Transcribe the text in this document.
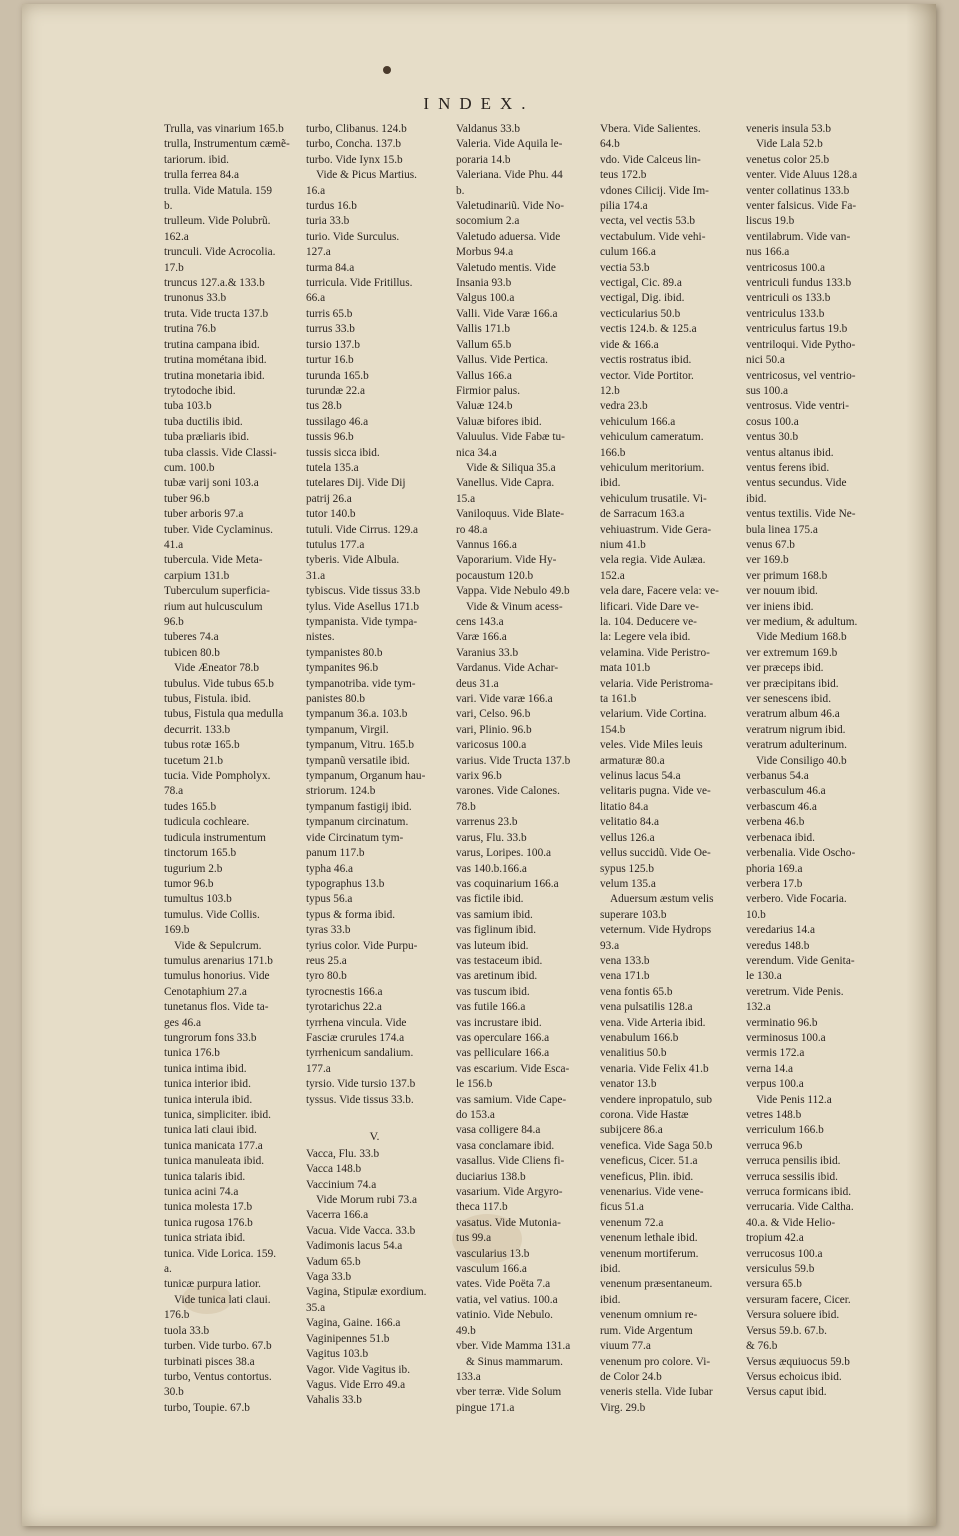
INDEX.
Trulla, vas vinarium 165.b
trulla, Instrumentum cæmẽ-
tariorum. ibid.
trulla ferrea 84.a
trulla. Vide Matula. 159
b.
trulleum. Vide Polubrũ.
162.a
trunculi. Vide Acrocolia.
17.b
truncus 127.a.& 133.b
trunonus 33.b
truta. Vide tructa 137.b
trutina 76.b
trutina campana ibid.
trutina mométana ibid.
trutina monetaria ibid.
trytodoche ibid.
tuba 103.b
tuba ductilis ibid.
tuba præliaris ibid.
tuba classis. Vide Classi-
cum. 100.b
tubæ varij soni 103.a
tuber 96.b
tuber arboris 97.a
tuber. Vide Cyclaminus.
41.a
tubercula. Vide Meta-
carpium 131.b
Tuberculum superficia-
rium aut hulcusculum
96.b
tuberes 74.a
tubicen 80.b
Vide Æneator 78.b
tubulus. Vide tubus 65.b
tubus, Fistula. ibid.
tubus, Fistula qua medulla
decurrit. 133.b
tubus rotæ 165.b
tucetum 21.b
tucia. Vide Pompholyx.
78.a
tudes 165.b
tudicula cochleare.
tudicula instrumentum
tinctorum 165.b
tugurium 2.b
tumor 96.b
tumultus 103.b
tumulus. Vide Collis.
169.b
Vide & Sepulcrum.
tumulus arenarius 171.b
tumulus honorius. Vide
Cenotaphium 27.a
tunetanus flos. Vide ta-
ges 46.a
tungrorum fons 33.b
tunica 176.b
tunica intima ibid.
tunica interior ibid.
tunica interula ibid.
tunica, simpliciter. ibid.
tunica lati claui ibid.
tunica manicata 177.a
tunica manuleata ibid.
tunica talaris ibid.
tunica acini 74.a
tunica molesta 17.b
tunica rugosa 176.b
tunica striata ibid.
tunica. Vide Lorica. 159.
a.
tunicæ purpura latior.
Vide tunica lati claui.
176.b
tuola 33.b
turben. Vide turbo. 67.b
turbinati pisces 38.a
turbo, Ventus contortus.
30.b
turbo, Toupie. 67.b
turbo, Clibanus. 124.b
turbo, Concha. 137.b
turbo. Vide Iynx 15.b
Vide & Picus Martius.
16.a
turdus 16.b
turia 33.b
turio. Vide Surculus.
127.a
turma 84.a
turricula. Vide Fritillus.
66.a
turris 65.b
turrus 33.b
tursio 137.b
turtur 16.b
turunda 165.b
turundæ 22.a
tus 28.b
tussilago 46.a
tussis 96.b
tussis sicca ibid.
tutela 135.a
tutelares Dij. Vide Dij
patrij 26.a
tutor 140.b
tutuli. Vide Cirrus. 129.a
tutulus 177.a
tyberis. Vide Albula.
31.a
tybiscus. Vide tissus 33.b
tylus. Vide Asellus 171.b
tympanista. Vide tympa-
nistes.
tympanistes 80.b
tympanites 96.b
tympanotriba. vide tym-
panistes 80.b
tympanum 36.a. 103.b
tympanum, Virgil.
tympanum, Vitru. 165.b
tympanũ versatile ibid.
tympanum, Organum hau-
striorum. 124.b
tympanum fastigij ibid.
tympanum circinatum.
vide Circinatum tym-
panum 117.b
typha 46.a
typographus 13.b
typus 56.a
typus & forma ibid.
tyras 33.b
tyrius color. Vide Purpu-
reus 25.a
tyro 80.b
tyrocnestis 166.a
tyrotarichus 22.a
tyrrhena vincula. Vide
Fasciæ crurules 174.a
tyrrhenicum sandalium.
177.a
tyrsio. Vide tursio 137.b
tyssus. Vide tissus 33.b.

V.
Vacca, Flu. 33.b
Vacca 148.b
Vaccinium 74.a
Vide Morum rubi 73.a
Vacerra 166.a
Vacua. Vide Vacca. 33.b
Vadimonis lacus 54.a
Vadum 65.b
Vaga 33.b
Vagina, Stipulæ exordium.
35.a
Vagina, Gaine. 166.a
Vaginipennes 51.b
Vagitus 103.b
Vagor. Vide Vagitus ib.
Vagus. Vide Erro 49.a
Vahalis 33.b
Valdanus 33.b
Valeria. Vide Aquila le-
poraria 14.b
Valeriana. Vide Phu. 44
b.
Valetudinariũ. Vide No-
socomium 2.a
Valetudo aduersa. Vide
Morbus 94.a
Valetudo mentis. Vide
Insania 93.b
Valgus 100.a
Valli. Vide Varæ 166.a
Vallis 171.b
Vallum 65.b
Vallus. Vide Pertica.
Vallus 166.a
Firmior palus.
Valuæ 124.b
Valuæ bifores ibid.
Valuulus. Vide Fabæ tu-
nica 34.a
Vide & Siliqua 35.a
Vanellus. Vide Capra.
15.a
Vaniloquus. Vide Blate-
ro 48.a
Vannus 166.a
Vaporarium. Vide Hy-
pocaustum 120.b
Vappa. Vide Nebulo 49.b
Vide & Vinum acess-
cens 143.a
Varæ 166.a
Varanius 33.b
Vardanus. Vide Achar-
deus 31.a
vari. Vide varæ 166.a
vari, Celso. 96.b
vari, Plinio. 96.b
varicosus 100.a
varius. Vide Tructa 137.b
varix 96.b
varones. Vide Calones.
78.b
varrenus 23.b
varus, Flu. 33.b
varus, Loripes. 100.a
vas 140.b.166.a
vas coquinarium 166.a
vas fictile ibid.
vas samium ibid.
vas figlinum ibid.
vas luteum ibid.
vas testaceum ibid.
vas aretinum ibid.
vas tuscum ibid.
vas futile 166.a
vas incrustare ibid.
vas operculare 166.a
vas pelliculare 166.a
vas escarium. Vide Esca-
le 156.b
vas samium. Vide Cape-
do 153.a
vasa colligere 84.a
vasa conclamare ibid.
vasallus. Vide Cliens fi-
duciarius 138.b
vasarium. Vide Argyro-
theca 117.b
vasatus. Vide Mutonia-
tus 99.a
vascularius 13.b
vasculum 166.a
vates. Vide Poëta 7.a
vatia, vel vatius. 100.a
vatinio. Vide Nebulo.
49.b
vber. Vide Mamma 131.a
& Sinus mammarum.
133.a
vber terræ. Vide Solum
pingue 171.a
Vbera. Vide Salientes.
64.b
vdo. Vide Calceus lin-
teus 172.b
vdones Cilicij. Vide Im-
pilia 174.a
vecta, vel vectis 53.b
vectabulum. Vide vehi-
culum 166.a
vectia 53.b
vectigal, Cic. 89.a
vectigal, Dig. ibid.
vecticularius 50.b
vectis 124.b. & 125.a
vide & 166.a
vectis rostratus ibid.
vector. Vide Portitor.
12.b
vedra 23.b
vehiculum 166.a
vehiculum cameratum.
166.b
vehiculum meritorium.
ibid.
vehiculum trusatile. Vi-
de Sarracum 163.a
vehiuastrum. Vide Gera-
nium 41.b
vela regia. Vide Aulæa.
152.a
vela dare, Facere vela: ve-
lificari. Vide Dare ve-
la. 104. Deducere ve-
la: Legere vela ibid.
velamina. Vide Peristro-
mata 101.b
velaria. Vide Peristroma-
ta 161.b
velarium. Vide Cortina.
154.b
veles. Vide Miles leuis
armaturæ 80.a
velinus lacus 54.a
velitaris pugna. Vide ve-
litatio 84.a
velitatio 84.a
vellus 126.a
vellus succidũ. Vide Oe-
sypus 125.b
velum 135.a
Aduersum æstum velis
superare 103.b
veternum. Vide Hydrops
93.a
vena 133.b
vena 171.b
vena fontis 65.b
vena pulsatilis 128.a
vena. Vide Arteria ibid.
venabulum 166.b
venalitius 50.b
venaria. Vide Felix 41.b
venator 13.b
vendere inpropatulo, sub
corona. Vide Hastæ
subijcere 86.a
venefica. Vide Saga 50.b
veneficus, Cicer. 51.a
veneficus, Plin. ibid.
venenarius. Vide vene-
ficus 51.a
venenum 72.a
venenum lethale ibid.
venenum mortiferum.
ibid.
venenum præsentaneum.
ibid.
venenum omnium re-
rum. Vide Argentum
viuum 77.a
venenum pro colore. Vi-
de Color 24.b
veneris stella. Vide Iubar
Virg. 29.b
veneris insula 53.b
Vide Lala 52.b
venetus color 25.b
venter. Vide Aluus 128.a
venter collatinus 133.b
venter falsicus. Vide Fa-
liscus 19.b
ventilabrum. Vide van-
nus 166.a
ventricosus 100.a
ventriculi fundus 133.b
ventriculi os 133.b
ventriculus 133.b
ventriculus fartus 19.b
ventriloqui. Vide Pytho-
nici 50.a
ventricosus, vel ventrio-
sus 100.a
ventrosus. Vide ventri-
cosus 100.a
ventus 30.b
ventus altanus ibid.
ventus ferens ibid.
ventus secundus. Vide
ibid.
ventus textilis. Vide Ne-
bula linea 175.a
venus 67.b
ver 169.b
ver primum 168.b
ver nouum ibid.
ver iniens ibid.
ver medium, & adultum.
Vide Medium 168.b
ver extremum 169.b
ver præceps ibid.
ver præcipitans ibid.
ver senescens ibid.
veratrum album 46.a
veratrum nigrum ibid.
veratrum adulterinum.
Vide Consiligo 40.b
verbanus 54.a
verbasculum 46.a
verbascum 46.a
verbena 46.b
verbenaca ibid.
verbenalia. Vide Oscho-
phoria 169.a
verbera 17.b
verbero. Vide Focaria.
10.b
veredarius 14.a
veredus 148.b
verendum. Vide Genita-
le 130.a
veretrum. Vide Penis.
132.a
verminatio 96.b
verminosus 100.a
vermis 172.a
verna 14.a
verpus 100.a
Vide Penis 112.a
vetres 148.b
verriculum 166.b
verruca 96.b
verruca pensilis ibid.
verruca sessilis ibid.
verruca formicans ibid.
verrucaria. Vide Caltha.
40.a. & Vide Helio-
tropium 42.a
verrucosus 100.a
versiculus 59.b
versura 65.b
versuram facere, Cicer.
Versura soluere ibid.
Versus 59.b. 67.b.
& 76.b
Versus æquiuocus 59.b
Versus echoicus ibid.
Versus caput ibid.
